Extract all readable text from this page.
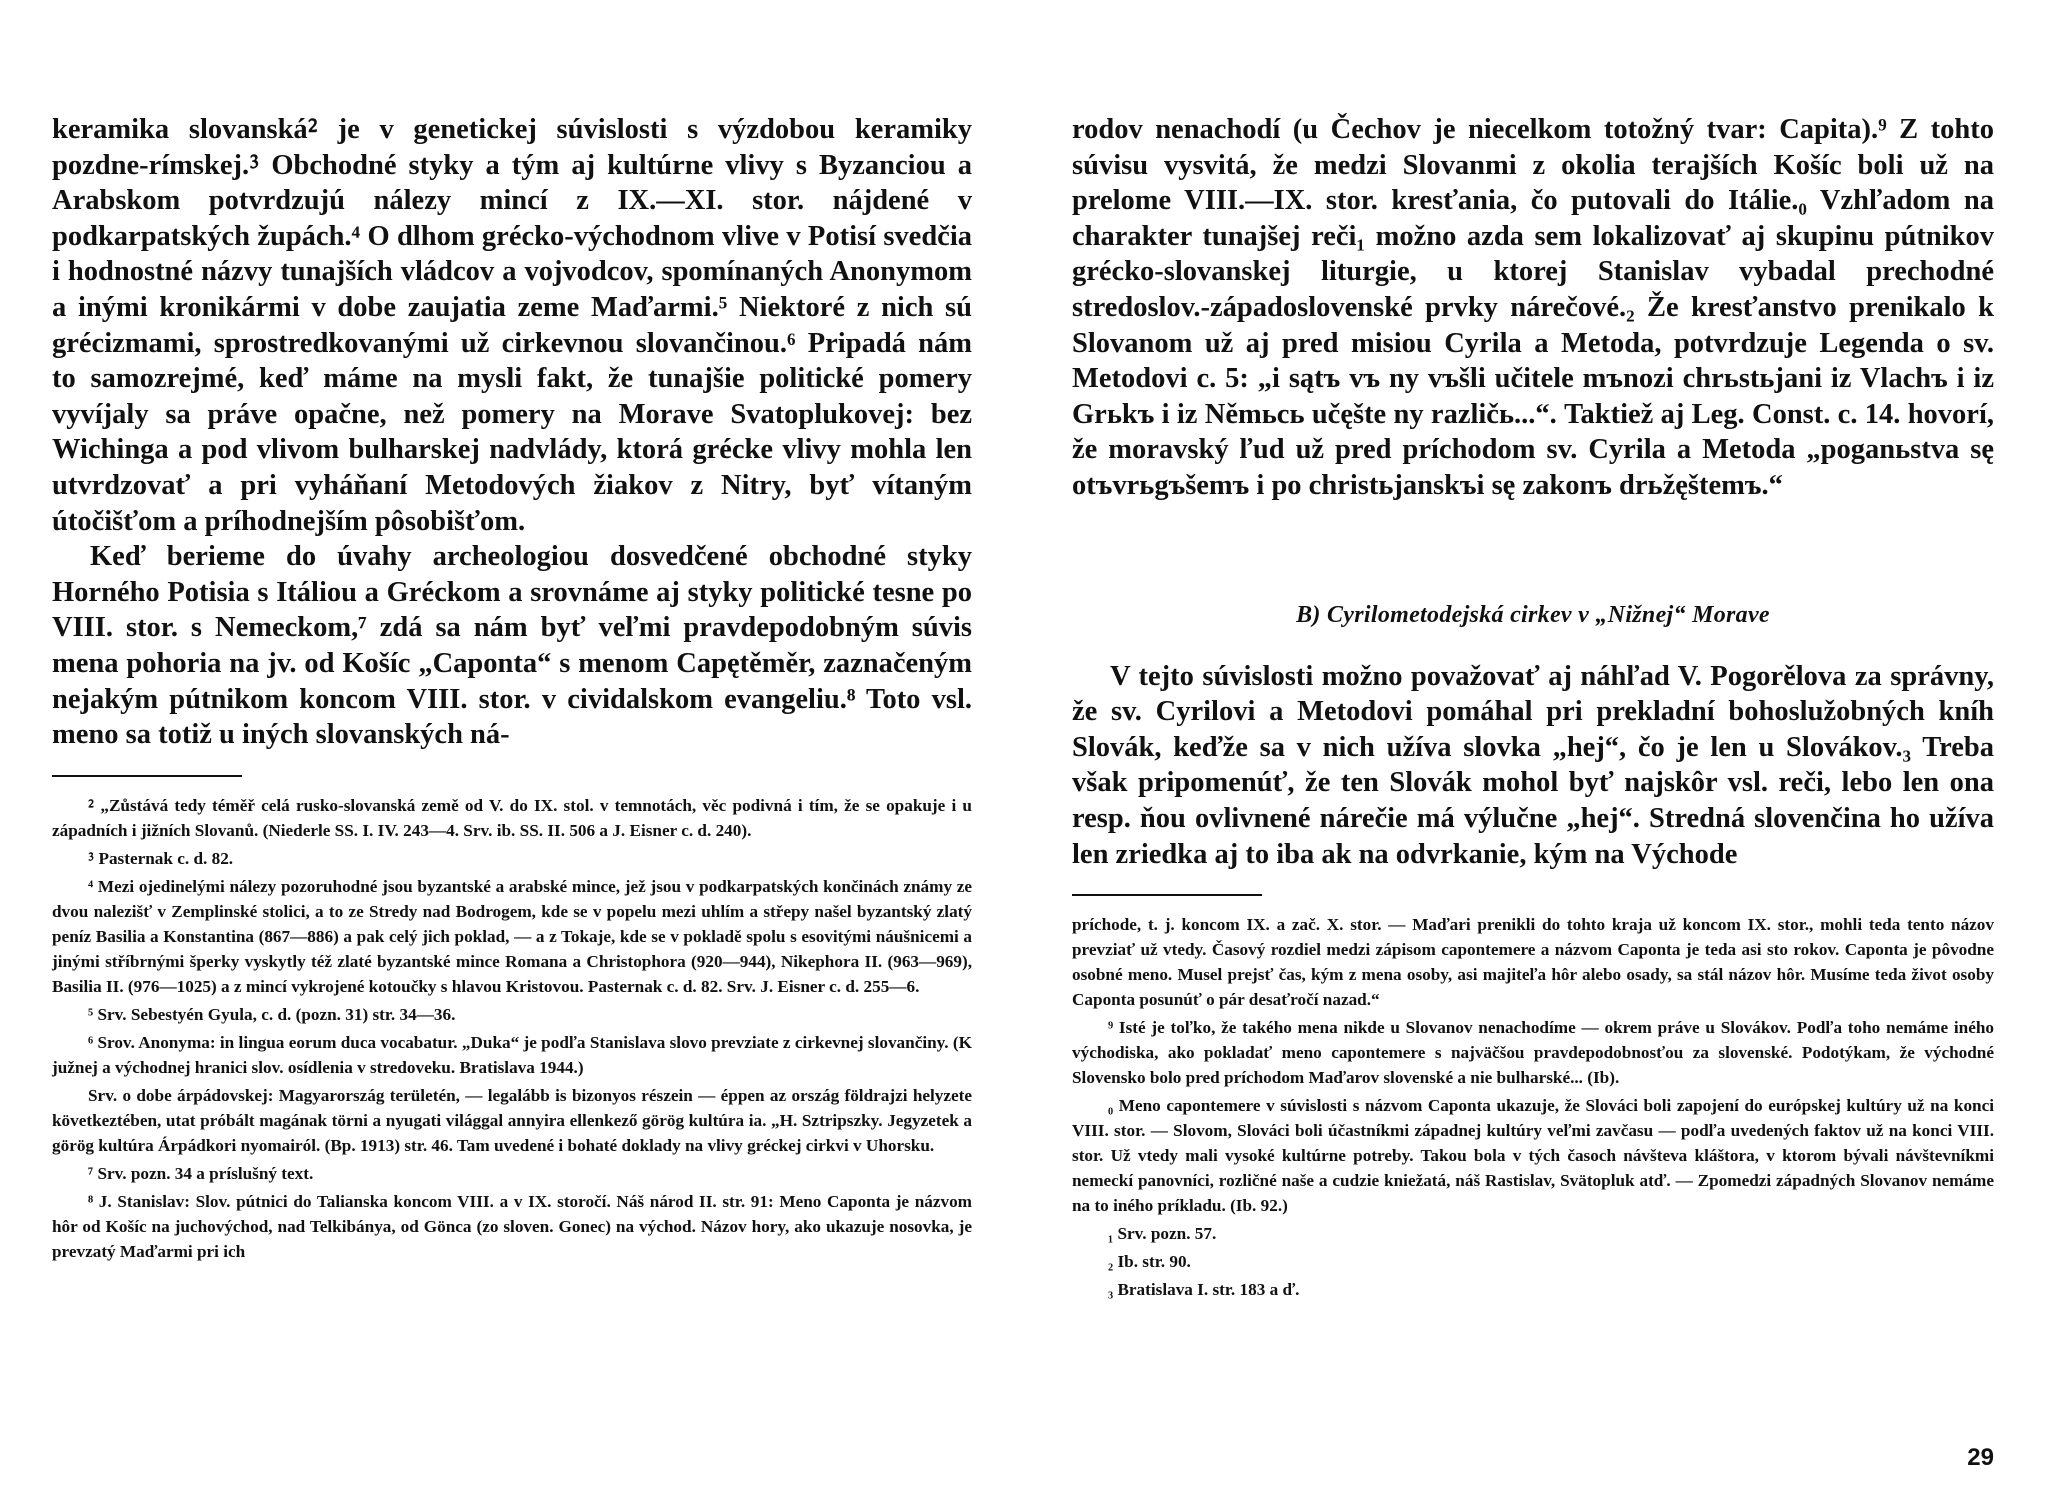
keramika slovanská⁲ je v genetickej súvislosti s výzdobou keramiky pozdne-rímskej.⁳ Obchodné styky a tým aj kultúrne vlivy s Byzanciou a Arabskom potvrdzujú nálezy mincí z IX.—XI. stor. nájdené v podkarpatských župách.⁴ O dlhom grécko-východnom vlive v Potisí svedčia i hodnostné názvy tunajších vládcov a vojvodcov, spomínaných Anonymom a inými kronikármi v dobe zaujatia zeme Maďarmi.⁵ Niektoré z nich sú grécizmami, sprostredkovanými už cirkevnou slovančinou.⁶ Pripadá nám to samozrejmé, keď máme na mysli fakt, že tunajšie politické pomery vyvíjaly sa práve opačne, než pomery na Morave Svatoplukovej: bez Wichinga a pod vlivom bulharskej nadvlády, ktorá grécke vlivy mohla len utvrdzovať a pri vyháňaní Metodových žiakov z Nitry, byť vítaným útočišťom a príhodnejším pôsobišťom.

Keď berieme do úvahy archeologiou dosvedčené obchodné styky Horného Potisia s Itáliou a Gréckom a srovnáme aj styky politické tesne po VIII. stor. s Nemeckom,⁷ zdá sa nám byť veľmi pravdepodobným súvis mena pohoria na jv. od Košíc „Caponta“ s menom Capętěměr, zaznačeným nejakým pútnikom koncom VIII. stor. v cividalskom evangeliu.⁸ Toto vsl. meno sa totiž u iných slovanských ná-

⁲ „Zůstává tedy téměř celá rusko-slovanská země od V. do IX. stol. v temnotách, věc podivná i tím, že se opakuje i u západních i jižních Slovanů. (Niederle SS. I. IV. 243—4. Srv. ib. SS. II. 506 a J. Eisner c. d. 240).

⁳ Pasternak c. d. 82.

⁴ Mezi ojedinelými nálezy pozoruhodné jsou byzantské a arabské mince, jež jsou v podkarpatských končinách známy ze dvou nalezišť v Zemplinské stolici, a to ze Stredy nad Bodrogem, kde se v popelu mezi uhlím a střepy našel byzantský zlatý peníz Basilia a Konstantina (867—886) a pak celý jich poklad, — a z Tokaje, kde se v pokladě spolu s esovitými náušnicemi a jinými stříbrnými šperky vyskytly též zlaté byzantské mince Romana a Christophora (920—944), Nikephora II. (963—969), Basilia II. (976—1025) a z mincí vykrojené kotoučky s hlavou Kristovou. Pasternak c. d. 82. Srv. J. Eisner c. d. 255—6.

⁵ Srv. Sebestyén Gyula, c. d. (pozn. 31) str. 34—36.

⁶ Srov. Anonyma: in lingua eorum duca vocabatur. „Duka“ je podľa Stanislava slovo prevziate z cirkevnej slovančiny. (K južnej a východnej hranici slov. osídlenia v stredoveku. Bratislava 1944.)

Srv. o dobe árpádovskej: Magyarország területén, — legalább is bizonyos részein — éppen az ország földrajzi helyzete következtében, utat próbált magának törni a nyugati világgal annyira ellenkező görög kultúra ia. „H. Sztripszky. Jegyzetek a görög kultúra Árpádkori nyomairól. (Bp. 1913) str. 46. Tam uvedené i bohaté doklady na vlivy gréckej cirkvi v Uhorsku.

⁷ Srv. pozn. 34 a príslušný text.

⁸ J. Stanislav: Slov. pútnici do Talianska koncom VIII. a v IX. storočí. Náš národ II. str. 91: Meno Caponta je názvom hôr od Košíc na juchovýchod, nad Telkibánya, od Gönca (zo sloven. Gonec) na východ. Názov hory, ako ukazuje nosovka, je prevzatý Maďarmi pri ich

rodov nenachodí (u Čechov je niecelkom totožný tvar: Capita).⁹ Z tohto súvisu vysvitá, že medzi Slovanmi z okolia terajších Košíc boli už na prelome VIII.—IX. stor. kresťania, čo putovali do Itálie.₀ Vzhľadom na charakter tunajšej reči₁ možno azda sem lokalizovať aj skupinu pútnikov grécko-slovanskej liturgie, u ktorej Stanislav vybadal prechodné stredoslov.-západoslovenské prvky nárečové.₂ Že kresťanstvo prenikalo k Slovanom už aj pred misiou Cyrila a Metoda, potvrdzuje Legenda o sv. Metodovi c. 5: „i sątъ vъ ny vъšli učitele mъnozi chrьstьjani iz Vlachъ i iz Grьkъ i iz Němьcь učęšte ny različь...“. Taktiež aj Leg. Const. c. 14. hovorí, že moravský ľud už pred príchodom sv. Cyrila a Metoda „poganьstva sę otъvrьgъšemъ i po christьjanskъi sę zakonъ drьžęštemъ.“

B) Cyrilometodejská cirkev v „Nižnej“ Morave

V tejto súvislosti možno považovať aj náhľad V. Pogorělova za správny, že sv. Cyrilovi a Metodovi pomáhal pri prekladní bohoslužobných kníh Slovák, keďže sa v nich užíva slovka „hej“, čo je len u Slovákov.₃ Treba však pripomenúť, že ten Slovák mohol byť najskôr vsl. reči, lebo len ona resp. ňou ovlivnené nárečie má výlučne „hej“. Stredná slovenčina ho užíva len zriedka aj to iba ak na odvrkanie, kým na Východe

príchode, t. j. koncom IX. a zač. X. stor. — Maďari prenikli do tohto kraja už koncom IX. stor., mohli teda tento názov prevziať už vtedy. Časový rozdiel medzi zápisom capontemere a názvom Caponta je teda asi sto rokov. Caponta je pôvodne osobné meno. Musel prejsť čas, kým z mena osoby, asi majiteľa hôr alebo osady, sa stál názov hôr. Musíme teda život osoby Caponta posunúť o pár desaťročí nazad.“

⁹ Isté je toľko, že takého mena nikde u Slovanov nenachodíme — okrem práve u Slovákov. Podľa toho nemáme iného východiska, ako pokladať meno capontemere s najväčšou pravdepodobnosťou za slovenské. Podotýkam, že východné Slovensko bolo pred príchodom Maďarov slovenské a nie bulharské... (Ib).

₀ Meno capontemere v súvislosti s názvom Caponta ukazuje, že Slováci boli zapojení do európskej kultúry už na konci VIII. stor. — Slovom, Slováci boli účastníkmi západnej kultúry veľmi zavčasu — podľa uvedených faktov už na konci VIII. stor. Už vtedy mali vysoké kultúrne potreby. Takou bola v tých časoch návšteva kláštora, v ktorom bývali návštevníkmi nemeckí panovníci, rozličné naše a cudzie kniežatá, náš Rastislav, Svätopluk atď. — Zpomedzi západných Slovanov nemáme na to iného príkladu. (Ib. 92.)

₁ Srv. pozn. 57.

₂ Ib. str. 90.

₃ Bratislava I. str. 183 a ď.

29
